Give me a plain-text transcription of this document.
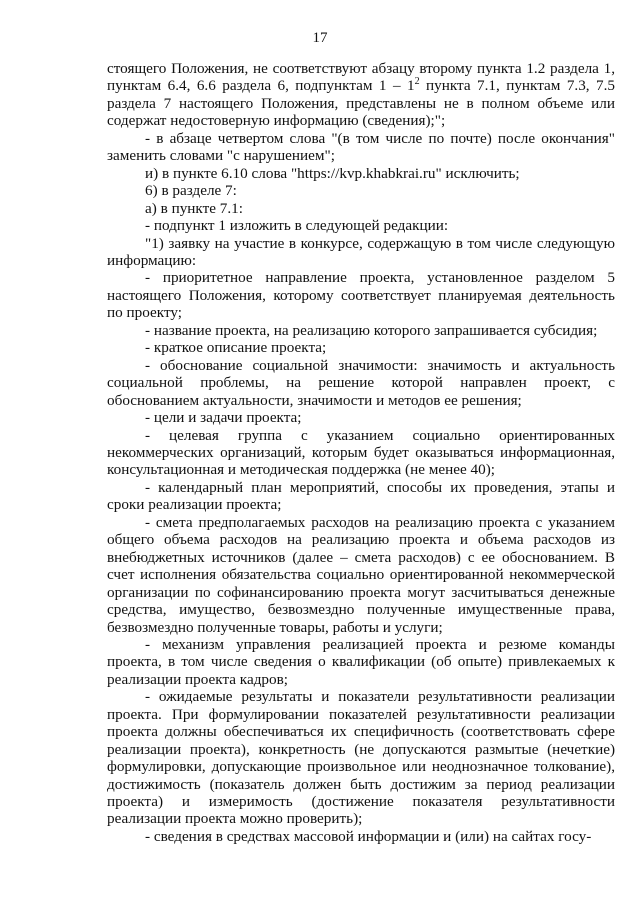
17

стоящего Положения, не соответствуют абзацу второму пункта 1.2 раздела 1, пунктам 6.4, 6.6 раздела 6, подпунктам $1 - 1^2$ пункта 7.1, пунктам 7.3, 7.5 раздела 7 настоящего Положения, представлены не в полном объеме или содержат недостоверную информацию (сведения);";

- в абзаце четвертом слова "(в том числе по почте) после окончания" заменить словами "с нарушением";

и) в пункте 6.10 слова "https://kvp.khabkrai.ru" исключить;

6) в разделе 7:

а) в пункте 7.1:

- подпункт 1 изложить в следующей редакции:

"1) заявку на участие в конкурсе, содержащую в том числе следующую информацию:

- приоритетное направление проекта, установленное разделом 5 настоящего Положения, которому соответствует планируемая деятельность по проекту;

- название проекта, на реализацию которого запрашивается субсидия;

- краткое описание проекта;

- обоснование социальной значимости: значимость и актуальность социальной проблемы, на решение которой направлен проект, с обоснованием актуальности, значимости и методов ее решения;

- цели и задачи проекта;

- целевая группа с указанием социально ориентированных некоммерческих организаций, которым будет оказываться информационная, консультационная и методическая поддержка (не менее 40);

- календарный план мероприятий, способы их проведения, этапы и сроки реализации проекта;

- смета предполагаемых расходов на реализацию проекта с указанием общего объема расходов на реализацию проекта и объема расходов из внебюджетных источников (далее – смета расходов) с ее обоснованием. В счет исполнения обязательства социально ориентированной некоммерческой организации по софинансированию проекта могут засчитываться денежные средства, имущество, безвозмездно полученные имущественные права, безвозмездно полученные товары, работы и услуги;

- механизм управления реализацией проекта и резюме команды проекта, в том числе сведения о квалификации (об опыте) привлекаемых к реализации проекта кадров;

- ожидаемые результаты и показатели результативности реализации проекта. При формулировании показателей результативности реализации проекта должны обеспечиваться их специфичность (соответствовать сфере реализации проекта), конкретность (не допускаются размытые (нечеткие) формулировки, допускающие произвольное или неоднозначное толкование), достижимость (показатель должен быть достижим за период реализации проекта) и измеримость (достижение показателя результативности реализации проекта можно проверить);

- сведения в средствах массовой информации и (или) на сайтах госу-
